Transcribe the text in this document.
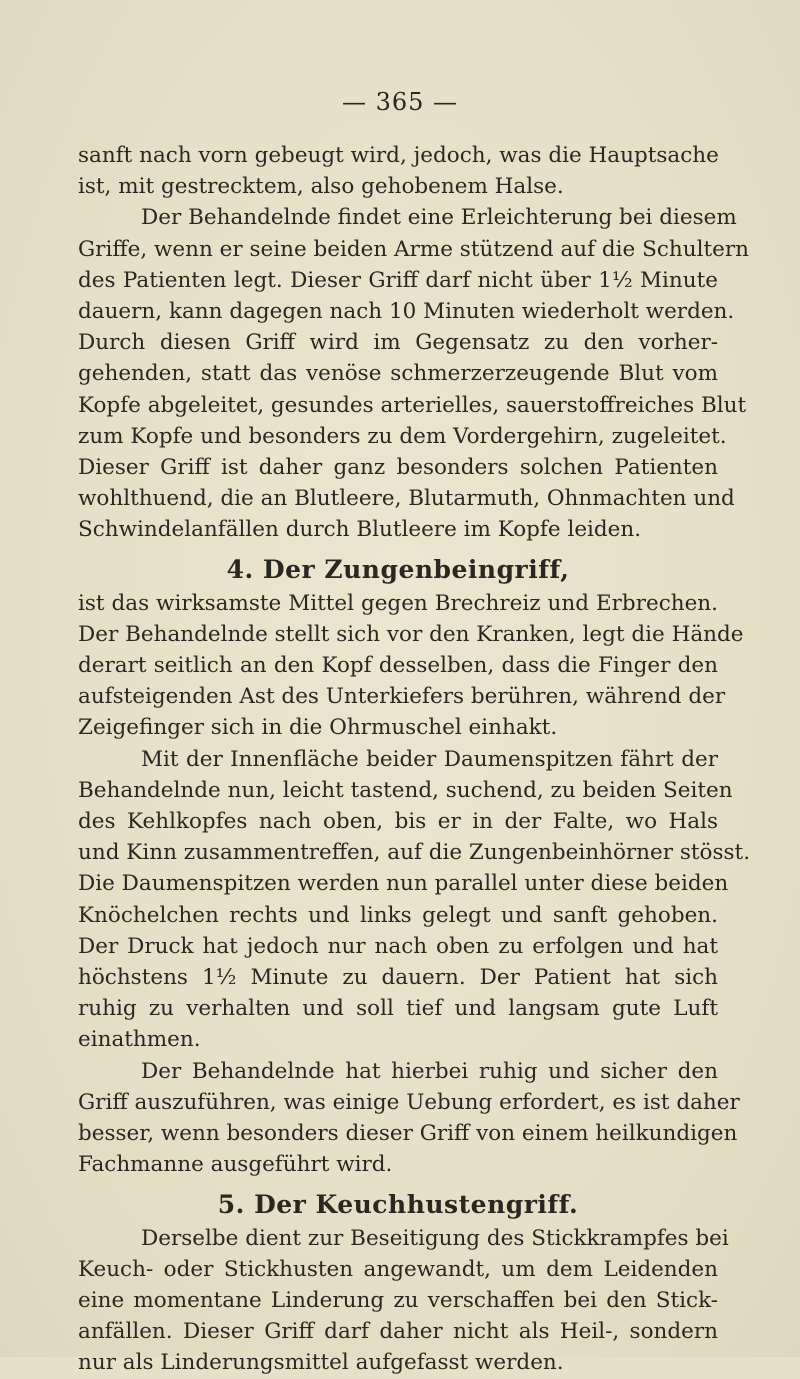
— 365 —
sanft nach vorn gebeugt wird, jedoch, was die Hauptsache
ist, mit gestrecktem, also gehobenem Halse.
Der Behandelnde findet eine Erleichterung bei diesem
Griffe, wenn er seine beiden Arme stützend auf die Schultern
des Patienten legt. Dieser Griff darf nicht über 1½ Minute
dauern, kann dagegen nach 10 Minuten wiederholt werden.
Durch diesen Griff wird im Gegensatz zu den vorher-
gehenden, statt das venöse schmerzerzeugende Blut vom
Kopfe abgeleitet, gesundes arterielles, sauerstoffreiches Blut
zum Kopfe und besonders zu dem Vordergehirn, zugeleitet.
Dieser Griff ist daher ganz besonders solchen Patienten
wohlthuend, die an Blutleere, Blutarmuth, Ohnmachten und
Schwindelanfällen durch Blutleere im Kopfe leiden.
4. Der Zungenbeingriff,
ist das wirksamste Mittel gegen Brechreiz und Erbrechen.
Der Behandelnde stellt sich vor den Kranken, legt die Hände
derart seitlich an den Kopf desselben, dass die Finger den
aufsteigenden Ast des Unterkiefers berühren, während der
Zeigefinger sich in die Ohrmuschel einhakt.
Mit der Innenfläche beider Daumenspitzen fährt der
Behandelnde nun, leicht tastend, suchend, zu beiden Seiten
des Kehlkopfes nach oben, bis er in der Falte, wo Hals
und Kinn zusammentreffen, auf die Zungenbeinhörner stösst.
Die Daumenspitzen werden nun parallel unter diese beiden
Knöchelchen rechts und links gelegt und sanft gehoben.
Der Druck hat jedoch nur nach oben zu erfolgen und hat
höchstens 1½ Minute zu dauern. Der Patient hat sich
ruhig zu verhalten und soll tief und langsam gute Luft
einathmen.
Der Behandelnde hat hierbei ruhig und sicher den
Griff auszuführen, was einige Uebung erfordert, es ist daher
besser, wenn besonders dieser Griff von einem heilkundigen
Fachmanne ausgeführt wird.
5. Der Keuchhustengriff.
Derselbe dient zur Beseitigung des Stickkrampfes bei
Keuch- oder Stickhusten angewandt, um dem Leidenden
eine momentane Linderung zu verschaffen bei den Stick-
anfällen. Dieser Griff darf daher nicht als Heil-, sondern
nur als Linderungsmittel aufgefasst werden.
